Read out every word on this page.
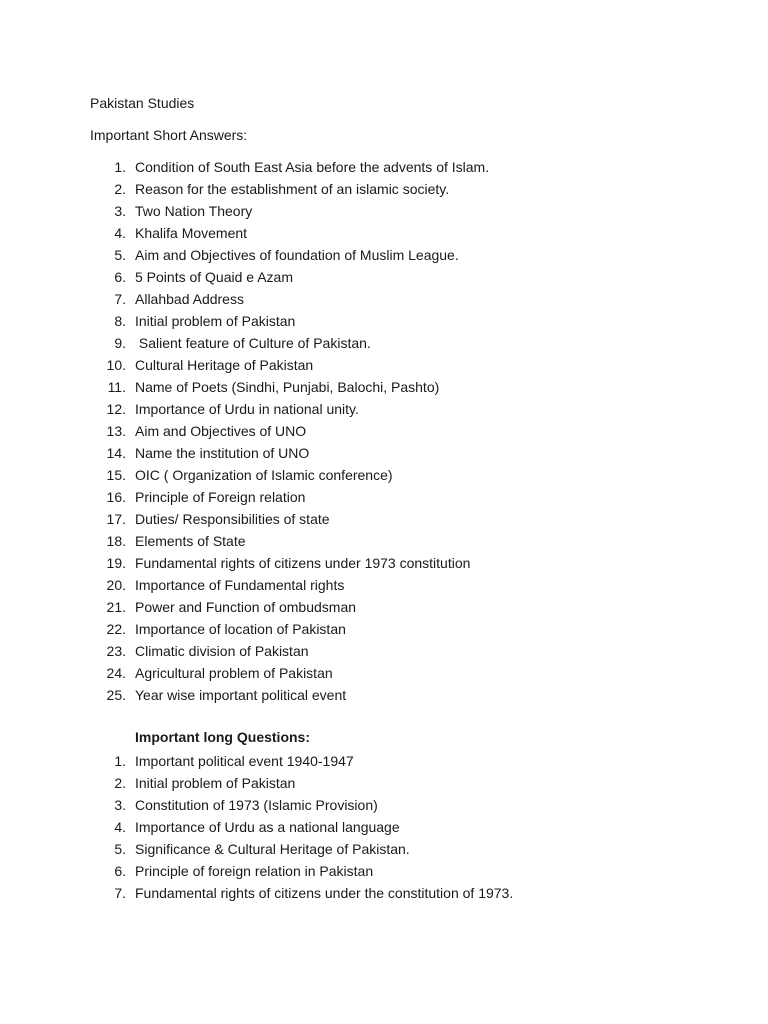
Pakistan Studies
Important Short Answers:
1. Condition of South East Asia before the advents of Islam.
2. Reason for the establishment of an islamic society.
3. Two Nation Theory
4. Khalifa Movement
5. Aim and Objectives of foundation of Muslim League.
6. 5 Points of Quaid e Azam
7. Allahbad Address
8. Initial problem of Pakistan
9. Salient feature of Culture of Pakistan.
10. Cultural Heritage of Pakistan
11. Name of Poets (Sindhi, Punjabi, Balochi, Pashto)
12. Importance of Urdu in national unity.
13. Aim and Objectives of UNO
14. Name the institution of UNO
15. OIC ( Organization of Islamic conference)
16. Principle of Foreign relation
17. Duties/ Responsibilities of state
18. Elements of State
19. Fundamental rights of citizens under 1973 constitution
20. Importance of Fundamental rights
21. Power and Function of ombudsman
22. Importance of location of Pakistan
23. Climatic division of Pakistan
24. Agricultural problem of Pakistan
25. Year wise important political event
Important long Questions:
1. Important political event 1940-1947
2. Initial problem of Pakistan
3. Constitution of 1973 (Islamic Provision)
4. Importance of Urdu as a national language
5. Significance & Cultural Heritage of Pakistan.
6. Principle of foreign relation in Pakistan
7. Fundamental rights of citizens under the constitution of 1973.
